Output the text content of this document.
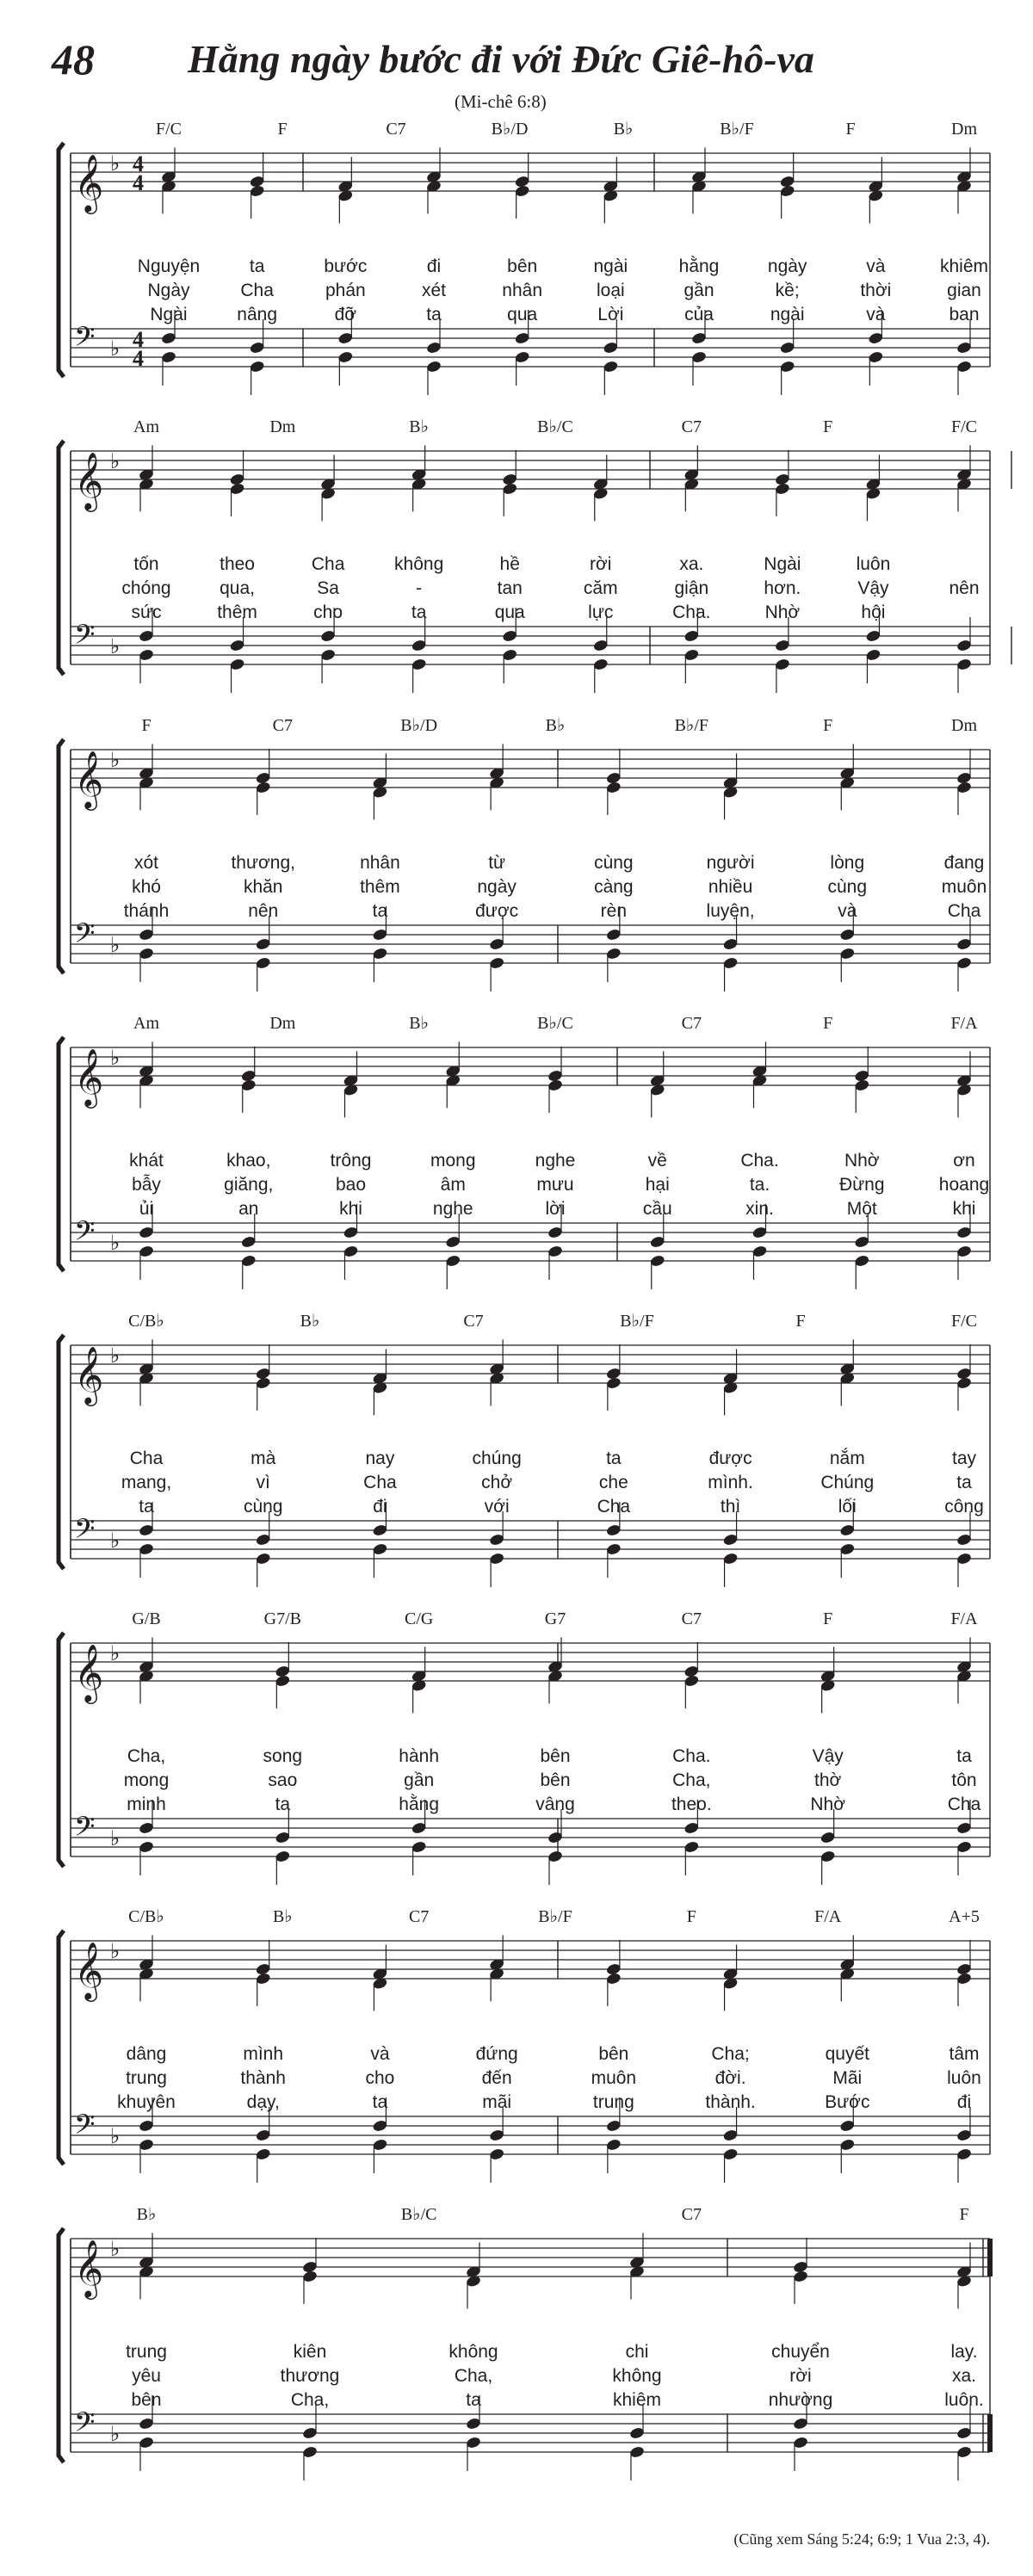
48 Hằng ngày bước đi với Đức Giê-hô-va
(Mi-chê 6:8)
𝄞
𝄢
♭
♭
4
4
4
4
F/C	F	C7	B♭/D	B♭	B♭/F	F	Dm
Nguyện	ta	bước	đi	bên	ngài	hằng	ngày	và	khiêm
Ngày	Cha	phán	xét	nhân	loại	gần	kề;	thời	gian
Ngài	nâng	đỡ	ta	qua	Lời	của	ngài	và	ban
𝄞
𝄢
♭
♭
Am	Dm	B♭	B♭/C	C7	F	F/C
tốn	theo	Cha	không	hề	rời	xa.	Ngài	luôn
chóng	qua,	Sa	-	tan	căm	giận	hơn.	Vậy	nên
sức	thêm	cho	ta	qua	lực	Cha.	Nhờ	hội
𝄞
𝄢
♭
♭
F	C7	B♭/D	B♭	B♭/F	F	Dm
xót	thương,	nhân	từ	cùng	người	lòng	đang
khó	khăn	thêm	ngày	càng	nhiều	cùng	muôn
thánh	nên	ta	được	rèn	luyện,	và	Cha
𝄞
𝄢
♭
♭
Am	Dm	B♭	B♭/C	C7	F	F/A
khát	khao,	trông	mong	nghe	về	Cha.	Nhờ	ơn
bẫy	giăng,	bao	âm	mưu	hại	ta.	Đừng	hoang
ủi	an	khi	nghe	lời	cầu	xin.	Một	khi
𝄞
𝄢
♭
♭
C/B♭	B♭	C7	B♭/F	F	F/C
Cha	mà	nay	chúng	ta	được	nắm	tay
mang,	vì	Cha	chở	che	mình.	Chúng	ta
ta	cùng	đi	với	Cha	thì	lối	công
𝄞
𝄢
♭
♭
G/B	G7/B	C/G	G7	C7	F	F/A
Cha,	song	hành	bên	Cha.	Vậy	ta
mong	sao	gần	bên	Cha,	thờ	tôn
minh	ta	hằng	vâng	theo.	Nhờ	Cha
𝄞
𝄢
♭
♭
C/B♭	B♭	C7	B♭/F	F	F/A	A+5
dâng	mình	và	đứng	bên	Cha;	quyết	tâm
trung	thành	cho	đến	muôn	đời.	Mãi	luôn
khuyên	dạy,	ta	mãi	trung	thành.	Bước	đi
𝄞
𝄢
♭
♭
B♭	B♭/C	C7	F
trung	kiên	không	chi	chuyển	lay.
yêu	thương	Cha,	không	rời	xa.
bên	Cha,	ta	khiêm	nhường	luôn.
(Cũng xem Sáng 5:24; 6:9; 1 Vua 2:3, 4).
